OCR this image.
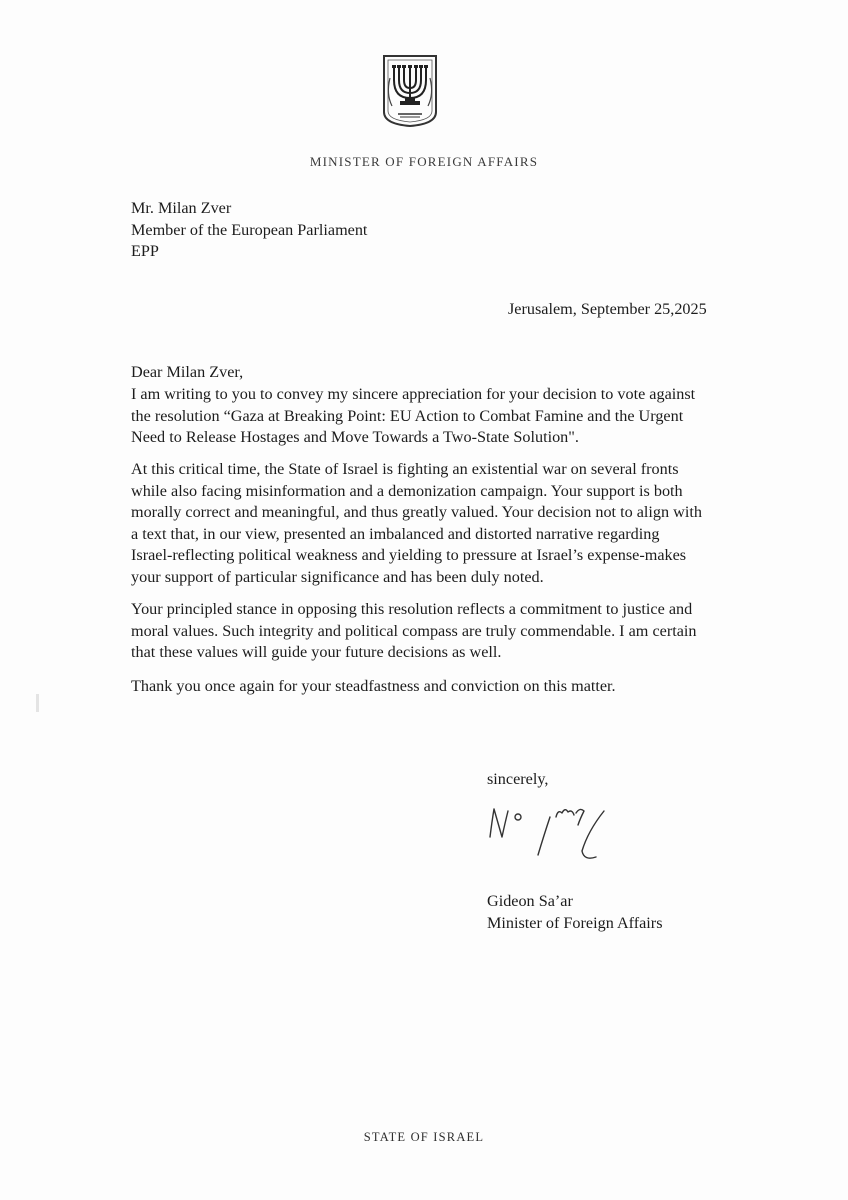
MINISTER OF FOREIGN AFFAIRS
Mr. Milan Zver
Member of the European Parliament
EPP
Jerusalem, September 25,2025
Dear Milan Zver,
I am writing to you to convey my sincere appreciation for your decision to vote against
the resolution “Gaza at Breaking Point: EU Action to Combat Famine and the Urgent
Need to Release Hostages and Move Towards a Two-State Solution".
At this critical time, the State of Israel is fighting an existential war on several fronts
while also facing misinformation and a demonization campaign. Your support is both
morally correct and meaningful, and thus greatly valued. Your decision not to align with
a text that, in our view, presented an imbalanced and distorted narrative regarding
Israel-reflecting political weakness and yielding to pressure at Israel’s expense-makes
your support of particular significance and has been duly noted.
Your principled stance in opposing this resolution reflects a commitment to justice and
moral values. Such integrity and political compass are truly commendable. I am certain
that these values will guide your future decisions as well.
Thank you once again for your steadfastness and conviction on this matter.
sincerely,
Gideon Sa’ar
Minister of Foreign Affairs
STATE OF ISRAEL
